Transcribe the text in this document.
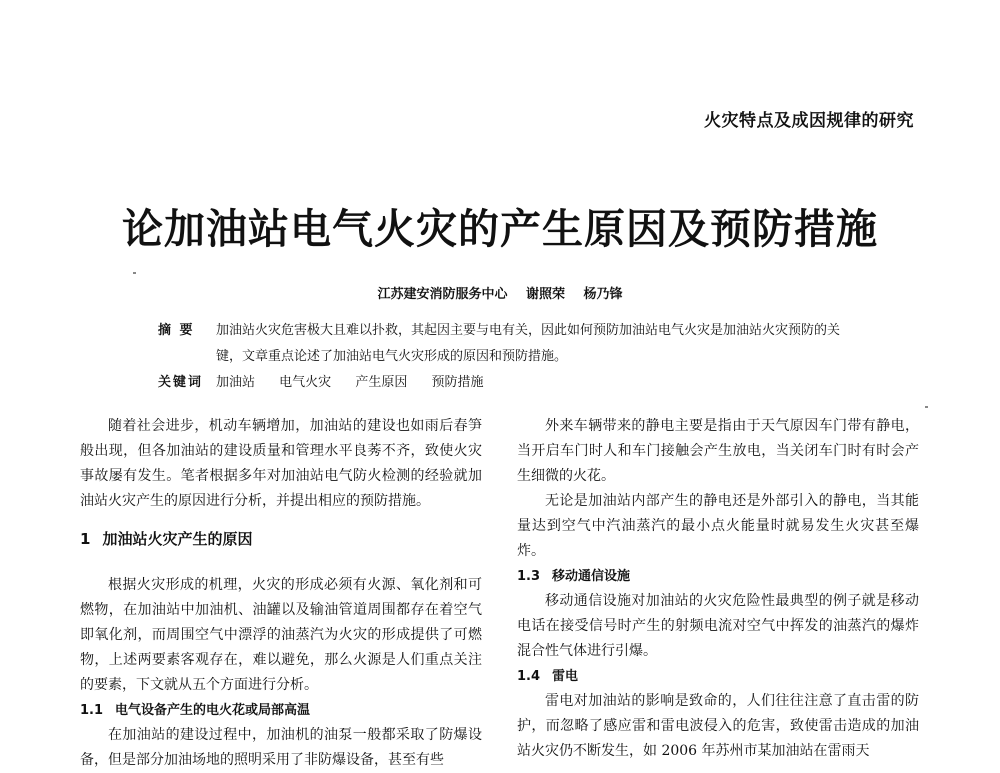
火灾特点及成因规律的研究
论加油站电气火灾的产生原因及预防措施
江苏建安消防服务中心 谢照荣 杨乃锋
摘 要	加油站火灾危害极大且难以扑救，其起因主要与电有关，因此如何预防加油站电气火灾是加油站火灾预防的关键，文章重点论述了加油站电气火灾形成的原因和预防措施。
关键词 加油站 电气火灾 产生原因 预防措施

随着社会进步，机动车辆增加，加油站的建设也如雨后春笋般出现，但各加油站的建设质量和管理水平良莠不齐，致使火灾事故屡有发生。笔者根据多年对加油站电气防火检测的经验就加油站火灾产生的原因进行分析，并提出相应的预防措施。

1 加油站火灾产生的原因

根据火灾形成的机理，火灾的形成必须有火源、氧化剂和可燃物，在加油站中加油机、油罐以及输油管道周围都存在着空气即氧化剂，而周围空气中漂浮的油蒸汽为火灾的形成提供了可燃物，上述两要素客观存在，难以避免，那么火源是人们重点关注的要素，下文就从五个方面进行分析。

1.1 电气设备产生的电火花或局部高温

在加油站的建设过程中，加油机的油泵一般都采取了防爆设备，但是部分加油场地的照明采用了非防爆设备，甚至有些

外来车辆带来的静电主要是指由于天气原因车门带有静电，当开启车门时人和车门接触会产生放电，当关闭车门时有时会产生细微的火花。

无论是加油站内部产生的静电还是外部引入的静电，当其能量达到空气中汽油蒸汽的最小点火能量时就易发生火灾甚至爆炸。

1.3 移动通信设施

移动通信设施对加油站的火灾危险性最典型的例子就是移动电话在接受信号时产生的射频电流对空气中挥发的油蒸汽的爆炸混合性气体进行引爆。

1.4 雷电

雷电对加油站的影响是致命的，人们往往注意了直击雷的防护，而忽略了感应雷和雷电波侵入的危害，致使雷击造成的加油站火灾仍不断发生，如 2006 年苏州市某加油站在雷雨天
